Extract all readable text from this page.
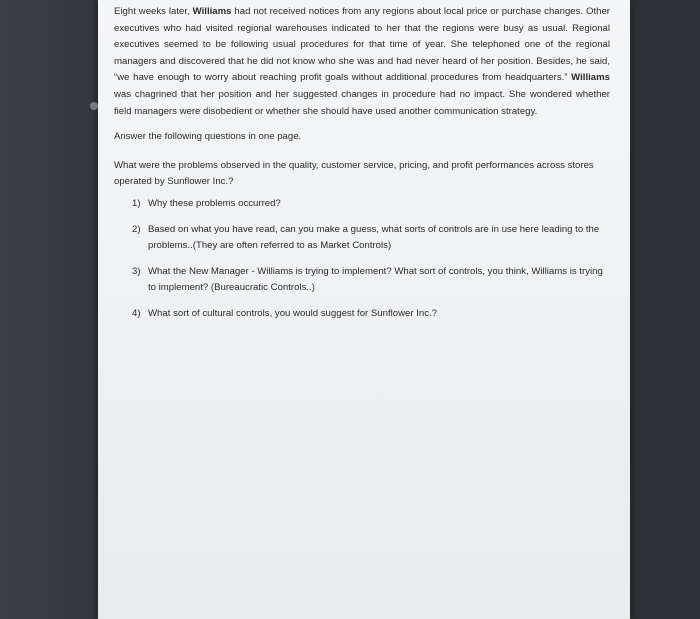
Eight weeks later, Williams had not received notices from any regions about local price or purchase changes. Other executives who had visited regional warehouses indicated to her that the regions were busy as usual. Regional executives seemed to be following usual procedures for that time of year. She telephoned one of the regional managers and discovered that he did not know who she was and had never heard of her position. Besides, he said, “we have enough to worry about reaching profit goals without additional procedures from headquarters.” Williams was chagrined that her position and her suggested changes in procedure had no impact. She wondered whether field managers were disobedient or whether she should have used another communication strategy.

Answer the following questions in one page.

What were the problems observed in the quality, customer service, pricing, and profit performances across stores operated by Sunflower Inc.?

1) Why these problems occurred?
2) Based on what you have read, can you make a guess, what sorts of controls are in use here leading to the problems..(They are often referred to as Market Controls)
3) What the New Manager - Williams is trying to implement? What sort of controls, you think, Williams is trying to implement? (Bureaucratic Controls..)
4) What sort of cultural controls, you would suggest for Sunflower Inc.?
